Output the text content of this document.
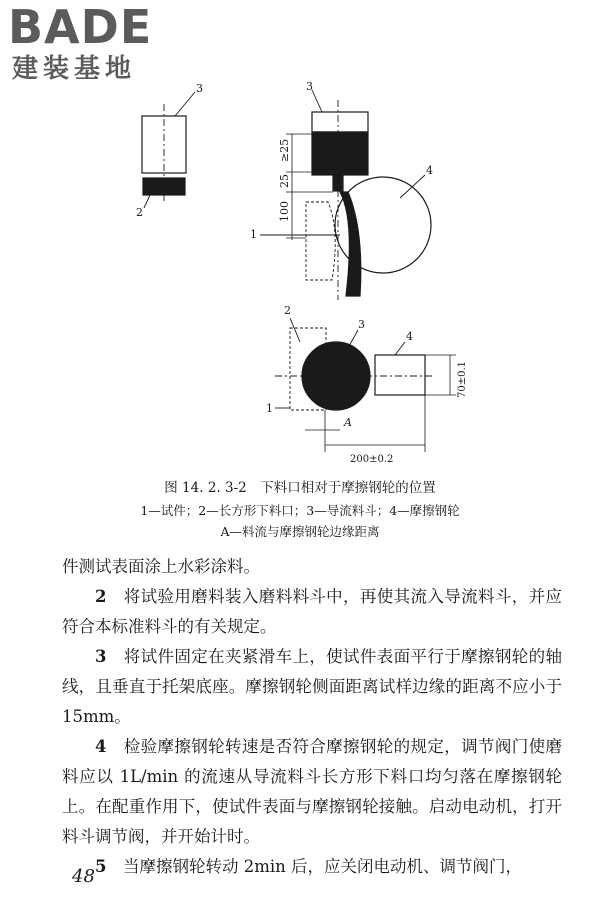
BADE
建装基地
3
2
3
4
1
≥25
25
100
2
3
4
1
70±0.1
A
200±0.2
图 14. 2. 3-2　下料口相对于摩擦钢轮的位置
1—试件；2—长方形下料口；3—导流料斗；4—摩擦钢轮
A—料流与摩擦钢轮边缘距离

件测试表面涂上水彩涂料。

2　 将试验用磨料装入磨料料斗中，再使其流入导流料斗，并应符合本标准料斗的有关规定。

3　 将试件固定在夹紧滑车上，使试件表面平行于摩擦钢轮的轴线，且垂直于托架底座。摩擦钢轮侧面距离试样边缘的距离不应小于 15mm。

4　 检验摩擦钢轮转速是否符合摩擦钢轮的规定，调节阀门使磨料应以 1L/min 的流速从导流料斗长方形下料口均匀落在摩擦钢轮上。在配重作用下，使试件表面与摩擦钢轮接触。启动电动机，打开料斗调节阀，并开始计时。

5　 当摩擦钢轮转动 2min 后，应关闭电动机、调节阀门，

48
